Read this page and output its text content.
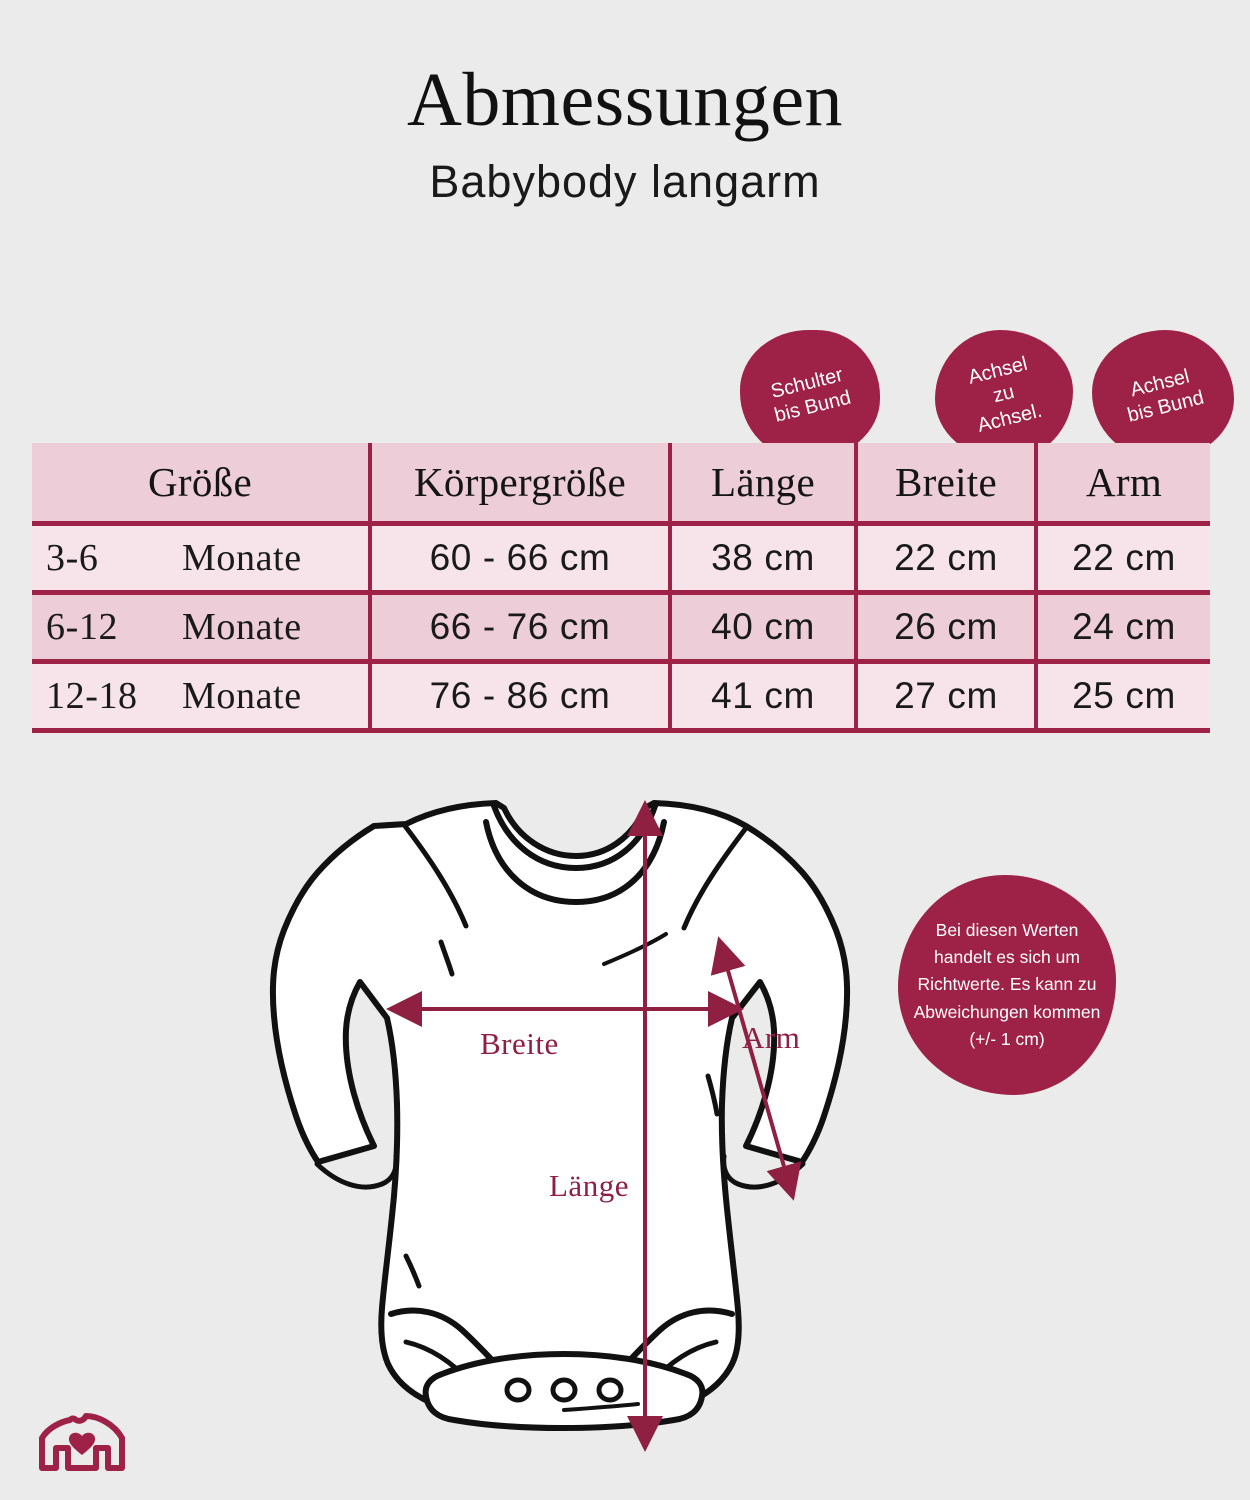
Abmessungen
Babybody langarm
Schulter
bis Bund
Achsel
zu
Achsel.
Achsel
bis Bund
Größe	Körpergröße	Länge	Breite	Arm
3-6 Monate	60 - 66 cm	38 cm	22 cm	22 cm
6-12 Monate	66 - 76 cm	40 cm	26 cm	24 cm
12-18 Monate	76 - 86 cm	41 cm	27 cm	25 cm
Bei diesen Werten handelt es sich um Richtwerte. Es kann zu Abweichungen kommen (+/- 1 cm)
Breite	Arm
Länge
